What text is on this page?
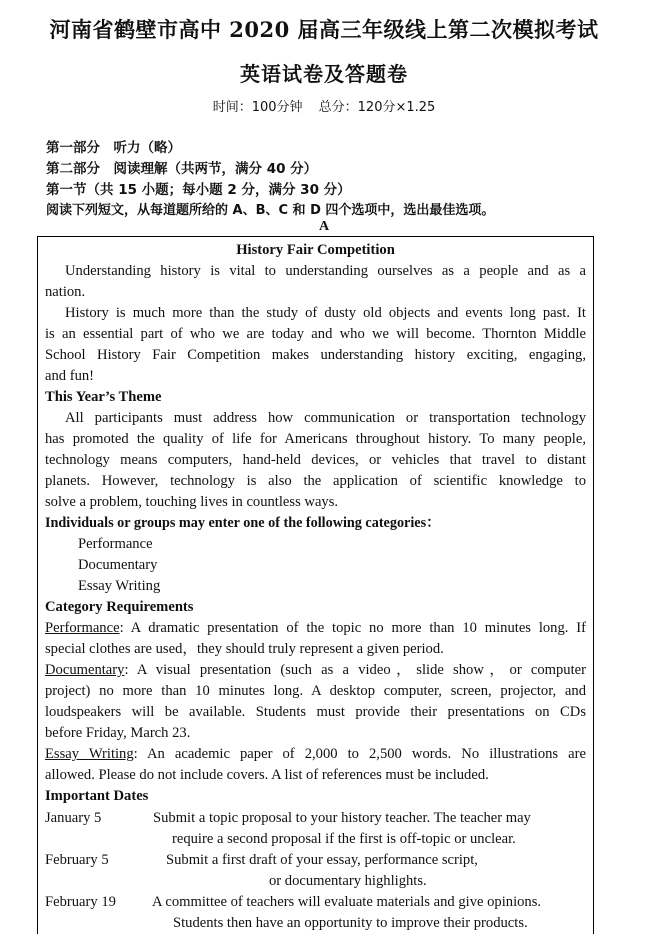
河南省鹤壁市高中 2020 届高三年级线上第二次模拟考试
英语试卷及答题卷
时间：100分钟 总分：120分×1.25
第一部分　听力（略）
第二部分　阅读理解（共两节，满分 40 分）
第一节（共 15 小题；每小题 2 分，满分 30 分）
阅读下列短文，从每道题所给的 A、B、C 和 D 四个选项中，选出最佳选项。
A
History Fair Competition
Understanding history is vital to understanding ourselves as a people and as a
nation.
History is much more than the study of dusty old objects and events long past. It
is an essential part of who we are today and who we will become. Thornton Middle
School History Fair Competition makes understanding history exciting, engaging,
and fun!
This Year’s Theme
All participants must address how communication or transportation technology
has promoted the quality of life for Americans throughout history. To many people,
technology means computers, hand-held devices, or vehicles that travel to distant
planets. However, technology is also the application of scientific knowledge to
solve a problem, touching lives in countless ways.
Individuals or groups may enter one of the following categories：
Performance
Documentary
Essay Writing
Category Requirements
Performance: A dramatic presentation of the topic no more than 10 minutes long. If
special clothes are used，they should truly represent a given period.
Documentary: A visual presentation (such as a video，slide show，or computer
project) no more than 10 minutes long. A desktop computer, screen, projector, and
loudspeakers will be available. Students must provide their presentations on CDs
before Friday, March 23.
Essay Writing: An academic paper of 2,000 to 2,500 words. No illustrations are
allowed. Please do not include covers. A list of references must be included.
Important Dates
January 5	Submit a topic proposal to your history teacher. The teacher may
require a second proposal if the first is off-topic or unclear.
February 5	Submit a first draft of your essay, performance script,
or documentary highlights.
February 19 A committee of teachers will evaluate materials and give opinions.
Students then have an opportunity to improve their products.
